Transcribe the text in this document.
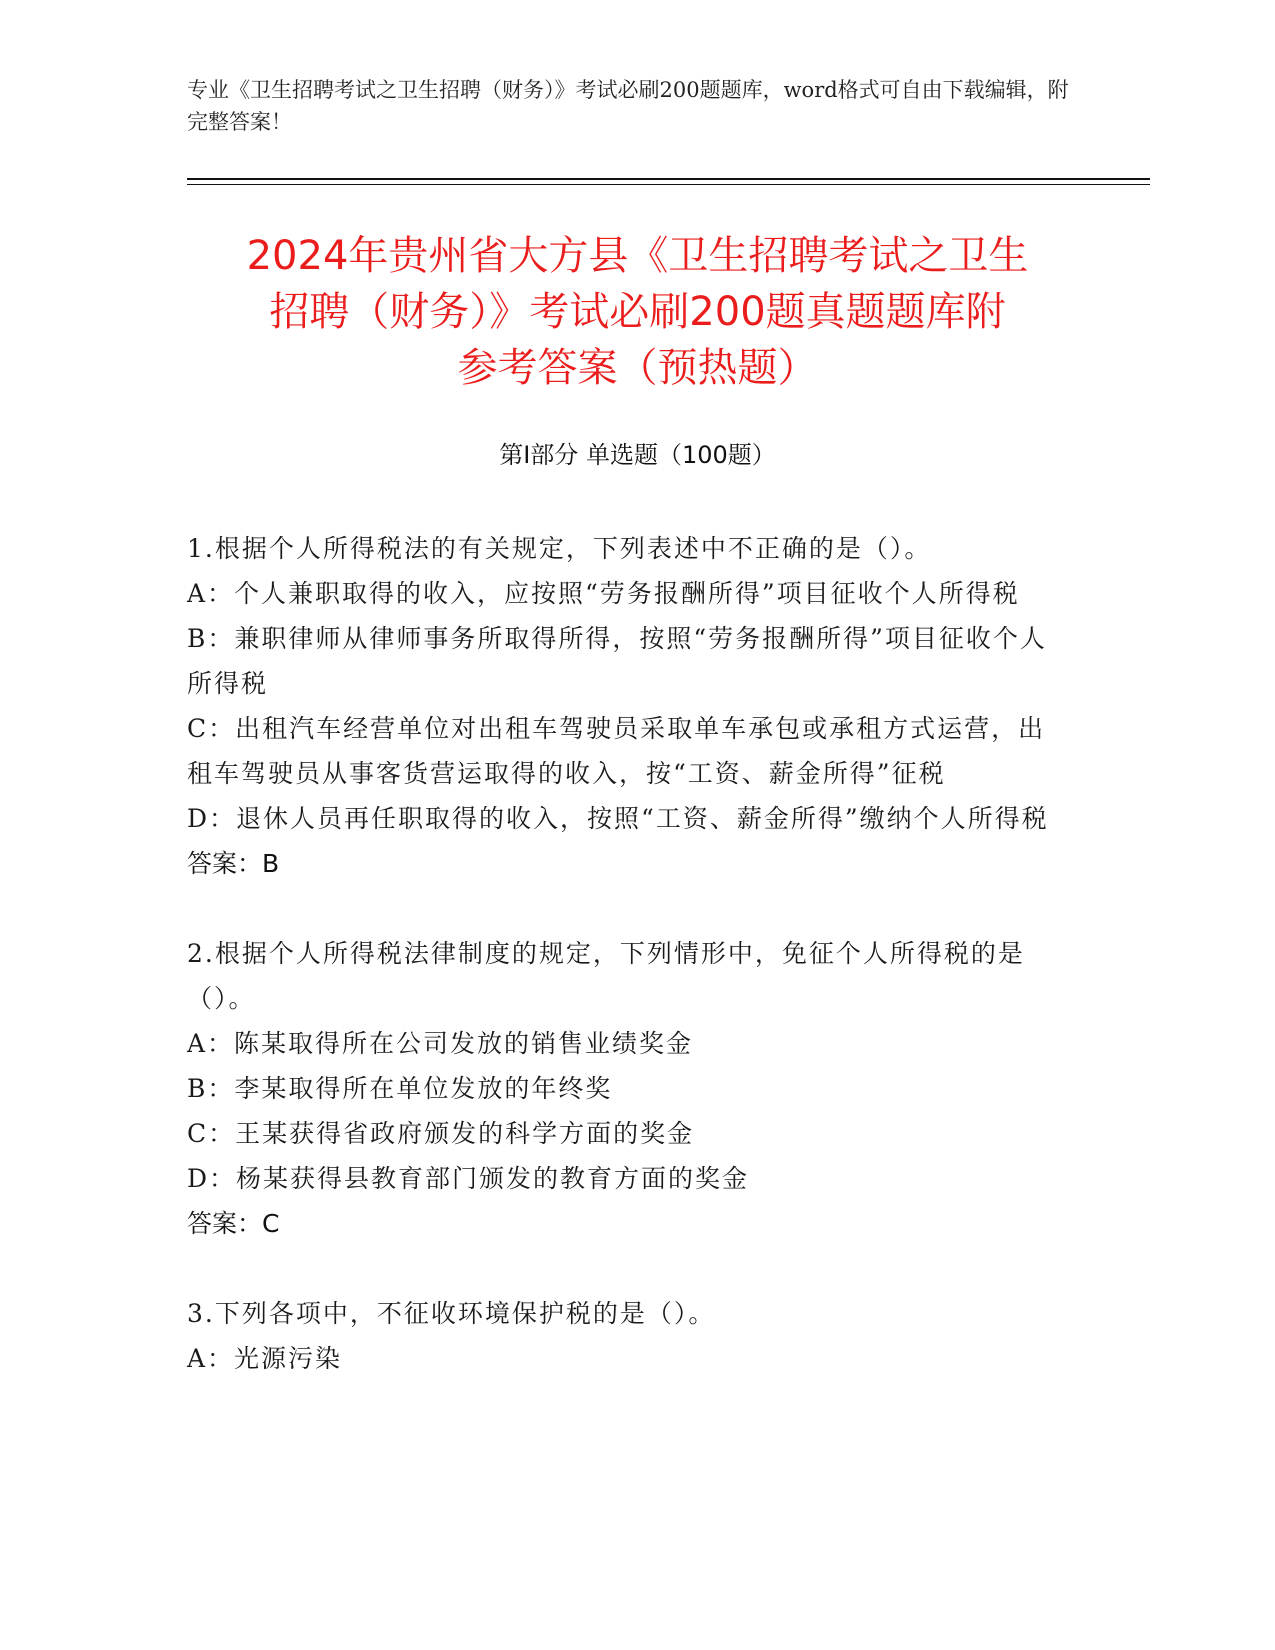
专业《卫生招聘考试之卫生招聘（财务）》考试必刷200题题库，word格式可自由下载编辑，附完整答案！
2024年贵州省大方县《卫生招聘考试之卫生
招聘（财务）》考试必刷200题真题题库附
参考答案（预热题）
第Ⅰ部分 单选题（100题）
1.根据个人所得税法的有关规定，下列表述中不正确的是（）。
A：个人兼职取得的收入，应按照“劳务报酬所得”项目征收个人所得税
B：兼职律师从律师事务所取得所得，按照“劳务报酬所得”项目征收个人所得税
C：出租汽车经营单位对出租车驾驶员采取单车承包或承租方式运营，出租车驾驶员从事客货营运取得的收入，按“工资、薪金所得”征税
D：退休人员再任职取得的收入，按照“工资、薪金所得”缴纳个人所得税
答案：B
2.根据个人所得税法律制度的规定，下列情形中，免征个人所得税的是（）。
A：陈某取得所在公司发放的销售业绩奖金
B：李某取得所在单位发放的年终奖
C：王某获得省政府颁发的科学方面的奖金
D：杨某获得县教育部门颁发的教育方面的奖金
答案：C
3.下列各项中，不征收环境保护税的是（）。
A：光源污染
